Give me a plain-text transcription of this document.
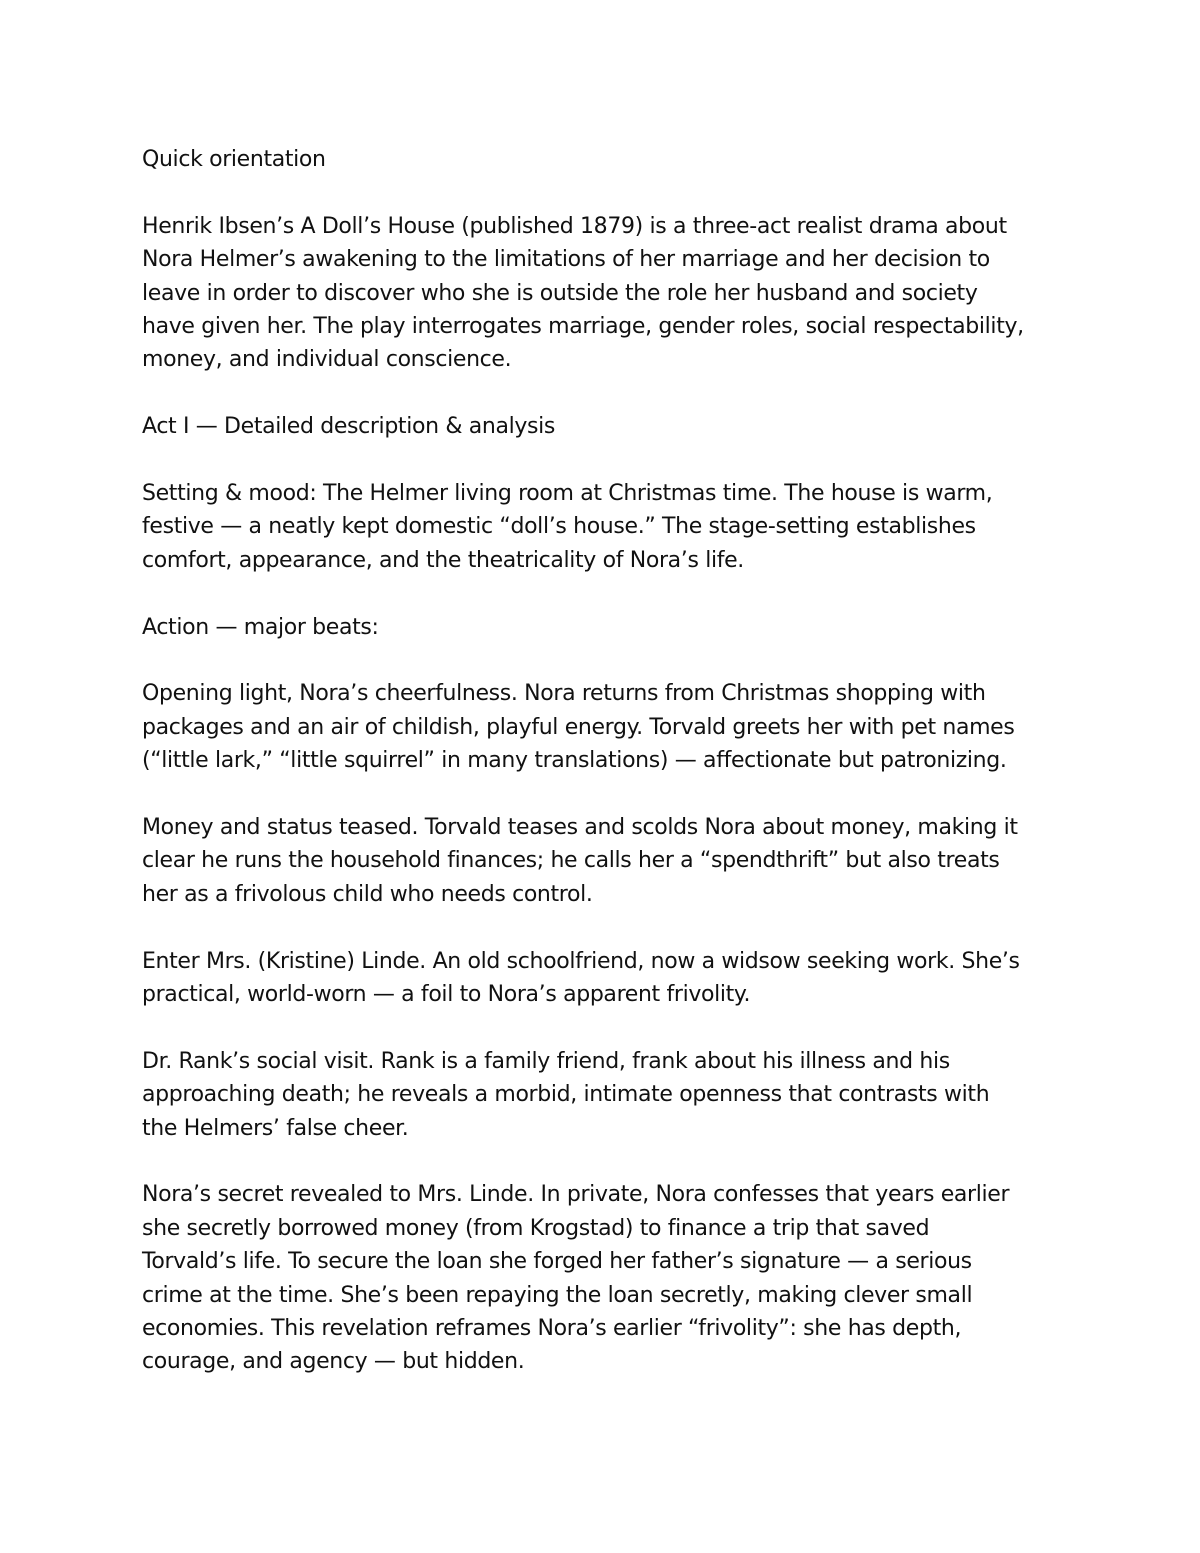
Quick orientation

Henrik Ibsen’s A Doll’s House (published 1879) is a three-act realist drama about
Nora Helmer’s awakening to the limitations of her marriage and her decision to
leave in order to discover who she is outside the role her husband and society
have given her. The play interrogates marriage, gender roles, social respectability,
money, and individual conscience.

Act I — Detailed description & analysis

Setting & mood: The Helmer living room at Christmas time. The house is warm,
festive — a neatly kept domestic “doll’s house.” The stage-setting establishes
comfort, appearance, and the theatricality of Nora’s life.

Action — major beats:

Opening light, Nora’s cheerfulness. Nora returns from Christmas shopping with
packages and an air of childish, playful energy. Torvald greets her with pet names
(“little lark,” “little squirrel” in many translations) — affectionate but patronizing.

Money and status teased. Torvald teases and scolds Nora about money, making it
clear he runs the household finances; he calls her a “spendthrift” but also treats
her as a frivolous child who needs control.

Enter Mrs. (Kristine) Linde. An old schoolfriend, now a widsow seeking work. She’s
practical, world-worn — a foil to Nora’s apparent frivolity.

Dr. Rank’s social visit. Rank is a family friend, frank about his illness and his
approaching death; he reveals a morbid, intimate openness that contrasts with
the Helmers’ false cheer.

Nora’s secret revealed to Mrs. Linde. In private, Nora confesses that years earlier
she secretly borrowed money (from Krogstad) to finance a trip that saved
Torvald’s life. To secure the loan she forged her father’s signature — a serious
crime at the time. She’s been repaying the loan secretly, making clever small
economies. This revelation reframes Nora’s earlier “frivolity”: she has depth,
courage, and agency — but hidden.
